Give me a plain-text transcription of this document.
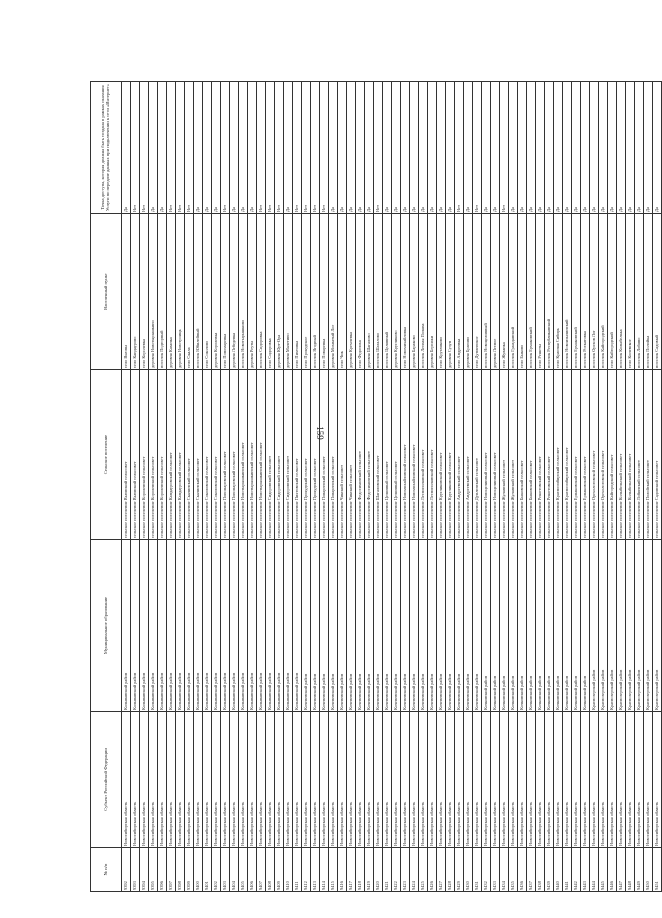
159
№ п/п	Субъект Российской Федерации	Муниципальное образование	Сельское поселение	Населенный пункт	Точка доступа, которая должна быть создана в рамках оказания Услуги по передаче данных при подключении к сети «Интернет»
9392	Новосибирская область	Колыванский район	сельское поселение Вьюнский сельсовет	село Вьюны	Да
9393	Новосибирская область	Колыванский район	сельское поселение Вьюнский сельсовет	село Кандаурово	Нет
9394	Новосибирская область	Колыванский район	сельское поселение Королевский сельсовет	село Королевка	Нет
9395	Новосибирская область	Колыванский район	сельское поселение Королевский сельсовет	деревня Новотырышкино	Да
9396	Новосибирская область	Колыванский район	сельское поселение Королевский сельсовет	поселок Подгорный	Да
9397	Новосибирская область	Колыванский район	сельское поселение Кандауровский сельсовет	деревня Казанка	Нет
9398	Новосибирская область	Колыванский район	сельское поселение Кандауровский сельсовет	деревня Новотроицк	Нет
9399	Новосибирская область	Колыванский район	сельское поселение Скалинский сельсовет	село Скала	Нет
9400	Новосибирская область	Колыванский район	сельское поселение Скалинский сельсовет	поселок Юбилейный	Да
9401	Новосибирская область	Колыванский район	сельское поселение Соколовский сельсовет	село Соколово	Да
9402	Новосибирская область	Колыванский район	сельское поселение Соколовский сельсовет	деревня Королевка	Да
9403	Новосибирская область	Колыванский район	сельское поселение Пономаревский сельсовет	село Пономаревка	Нет
9404	Новосибирская область	Колыванский район	сельское поселение Пономаревский сельсовет	деревня Лебедевка	Да
9405	Новосибирская область	Колыванский район	сельское поселение Новотырышкинский сельсовет	поселок Новотырышкино	Да
9406	Новосибирская область	Колыванский район	сельское поселение Новотырышкинский сельсовет	деревня Реуты	Да
9407	Новосибирская область	Колыванский район	сельское поселение Новотырышкинский сельсовет	поселок Сидоровка	Нет
9408	Новосибирская область	Колыванский район	сельское поселение Сидоровский сельсовет	село Сидоровка	Нет
9409	Новосибирская область	Колыванский район	сельское поселение Сидоровский сельсовет	деревня Юрт-Ора	Нет
9410	Новосибирская область	Колыванский район	сельское поселение Сидоровский сельсовет	деревня Малетино	Да
9411	Новосибирская область	Колыванский район	сельское поселение Пихтовский сельсовет	село Пихтовка	Нет
9412	Новосибирская область	Коченевский район	сельское поселение Прокудский сельсовет	село Прокудское	Нет
9413	Новосибирская область	Коченевский район	сельское поселение Прокудский сельсовет	поселок Ягодный	Нет
9414	Новосибирская область	Коченевский район	сельское поселение Поваренский сельсовет	село Поваренка	Нет
9415	Новосибирская область	Коченевский район	сельское поселение Поваренский сельсовет	деревня Мохнатый Лог	Да
9416	Новосибирская область	Коченевский район	сельское поселение Чикский сельсовет	село Чик	Да
9417	Новосибирская область	Коченевский район	сельское поселение Чикский сельсовет	деревня Кремлевка	Да
9418	Новосибирская область	Коченевский район	сельское поселение Федосихинский сельсовет	село Федосиха	Да
9419	Новосибирская область	Коченевский район	сельское поселение Федосихинский сельсовет	деревня Шагалово	Да
9420	Новосибирская область	Коченевский район	сельское поселение Шагаловский сельсовет	поселок Шагалово	Нет
9421	Новосибирская область	Коченевский район	сельское поселение Целинный сельсовет	поселок Целинный	Да
9422	Новосибирская область	Коченевский район	сельское поселение Целинный сельсовет	деревня Кругликово	Да
9423	Новосибирская область	Коченевский район	сельское поселение Новомихайловский сельсовет	село Новомихайловка	Да
9424	Новосибирская область	Коченевский район	сельское поселение Новомихайловский сельсовет	деревня Бараково	Да
9425	Новосибирская область	Коченевский район	сельское поселение Леснополянский сельсовет	поселок Лесная Поляна	Да
9426	Новосибирская область	Коченевский район	сельское поселение Леснополянский сельсовет	деревня Бережки	Да
9427	Новосибирская область	Коченевский район	сельское поселение Кругликовский сельсовет	село Кругликово	Да
9428	Новосибирская область	Коченевский район	сельское поселение Кругликовский сельсовет	деревня Сузун	Да
9429	Новосибирская область	Коченевский район	сельское поселение Андреевский сельсовет	село Андреевка	Нет
9430	Новосибирская область	Коченевский район	сельское поселение Андреевский сельсовет	деревня Брагино	Да
9431	Новосибирская область	Коченевский район	сельское поселение Дупленский сельсовет	село Дупленское	Нет
9432	Новосибирская область	Кочковский район	сельское поселение Новоцелинный сельсовет	поселок Новоцелинный	Да
9433	Новосибирская область	Кочковский район	сельское поселение Новоцелинный сельсовет	деревня Лесное	Да
9434	Новосибирская область	Кочковский район	сельское поселение Жуланский сельсовет	село Жуланка	Нет
9435	Новосибирская область	Кочковский район	сельское поселение Жуланский сельсовет	поселок Гражданский	Да
9436	Новосибирская область	Кочковский район	сельское поселение Быковский сельсовет	село Быково	Да
9437	Новосибирская область	Кочковский район	сельское поселение Быковский сельсовет	поселок Ермаковский	Да
9438	Новосибирская область	Кочковский район	сельское поселение Решетовский сельсовет	село Решеты	Да
9439	Новосибирская область	Кочковский район	сельское поселение Решетовский сельсовет	поселок Республиканский	Да
9440	Новосибирская область	Кочковский район	сельское поселение Красносибирский сельсовет	село Красная Сибирь	Да
9441	Новосибирская область	Кочковский район	сельское поселение Красносибирский сельсовет	поселок Новоизылинский	Да
9442	Новосибирская область	Кочковский район	сельское поселение Ермаковский сельсовет	поселок Ермаковский	Да
9443	Новосибирская область	Кочковский район	сельское поселение Ермаковский сельсовет	поселок Роскатовка	Да
9444	Новосибирская область	Краснозерский район	сельское поселение Орехологовской сельсовет	поселок Орехов Лог	Да
9445	Новосибирская область	Краснозерский район	сельское поселение Орехологовской сельсовет	поселок Кайгородский	Да
9446	Новосибирская область	Краснозерский район	сельское поселение Кайгородский сельсовет	село Кайгородский	Да
9447	Новосибирская область	Краснозерский район	сельское поселение Колыбельский сельсовет	поселок Колыбелька	Да
9448	Новосибирская область	Краснозерский район	сельское поселение Колыбельский сельсовет	село Коневское	Да
9449	Новосибирская область	Краснозерский район	сельское поселение Лобинский сельсовет	поселок Лобино	Да
9450	Новосибирская область	Краснозерский район	сельское поселение Полойский сельсовет	поселок Полойка	Да
9451	Новосибирская область	Краснозерский район	сельское поселение Садовский сельсовет	поселок Садовый	Да
